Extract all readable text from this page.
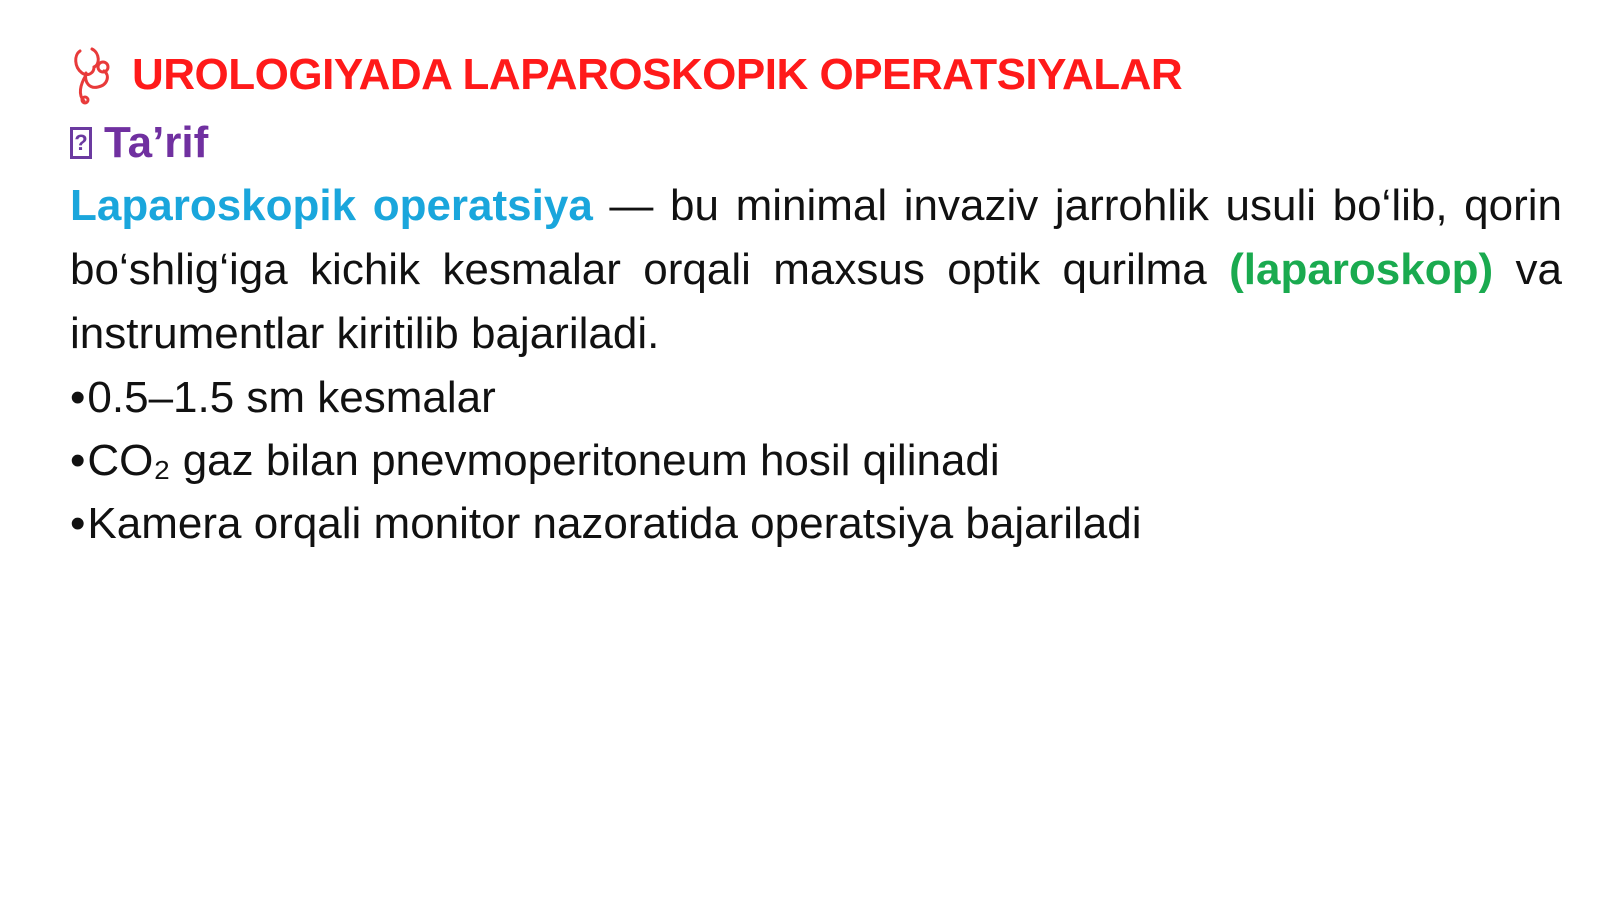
UROLOGIYADA LAPAROSKOPIK OPERATSIYALAR
? Ta’rif

Laparoskopik operatsiya — bu minimal invaziv jarrohlik usuli bo‘lib, qorin bo‘shlig‘iga kichik kesmalar orqali maxsus optik qurilma (laparoskop) va instrumentlar kiritilib bajariladi.

•0.5–1.5 sm kesmalar
•CO₂ gaz bilan pnevmoperitoneum hosil qilinadi
•Kamera orqali monitor nazoratida operatsiya bajariladi
